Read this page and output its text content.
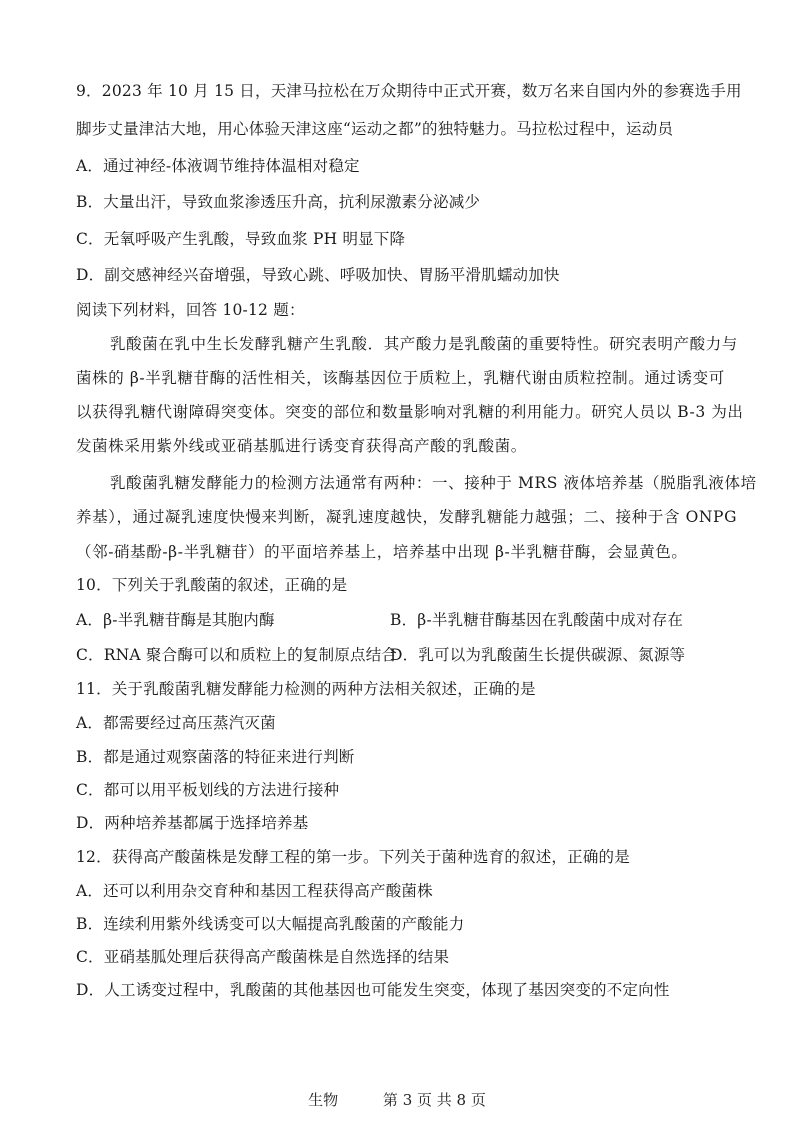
9．2023 年 10 月 15 日，天津马拉松在万众期待中正式开赛，数万名来自国内外的参赛选手用
脚步丈量津沽大地，用心体验天津这座“运动之都”的独特魅力。马拉松过程中，运动员
A．通过神经-体液调节维持体温相对稳定
B．大量出汗，导致血浆渗透压升高，抗利尿激素分泌减少
C．无氧呼吸产生乳酸，导致血浆 PH 明显下降
D．副交感神经兴奋增强，导致心跳、呼吸加快、胃肠平滑肌蠕动加快
阅读下列材料，回答 10-12 题：
乳酸菌在乳中生长发酵乳糖产生乳酸．其产酸力是乳酸菌的重要特性。研究表明产酸力与
菌株的 β-半乳糖苷酶的活性相关，该酶基因位于质粒上，乳糖代谢由质粒控制。通过诱变可
以获得乳糖代谢障碍突变体。突变的部位和数量影响对乳糖的利用能力。研究人员以 B-3 为出
发菌株采用紫外线或亚硝基胍进行诱变育获得高产酸的乳酸菌。
乳酸菌乳糖发酵能力的检测方法通常有两种：一、接种于 MRS 液体培养基（脱脂乳液体培
养基），通过凝乳速度快慢来判断，凝乳速度越快，发酵乳糖能力越强；二、接种于含 ONPG
（邻-硝基酚-β-半乳糖苷）的平面培养基上，培养基中出现 β-半乳糖苷酶，会显黄色。
10．下列关于乳酸菌的叙述，正确的是
A．β-半乳糖苷酶是其胞内酶	B．β-半乳糖苷酶基因在乳酸菌中成对存在
C．RNA 聚合酶可以和质粒上的复制原点结合
D．乳可以为乳酸菌生长提供碳源、氮源等
11．关于乳酸菌乳糖发酵能力检测的两种方法相关叙述，正确的是
A．都需要经过高压蒸汽灭菌
B．都是通过观察菌落的特征来进行判断
C．都可以用平板划线的方法进行接种
D．两种培养基都属于选择培养基
12．获得高产酸菌株是发酵工程的第一步。下列关于菌种选育的叙述，正确的是
A．还可以利用杂交育种和基因工程获得高产酸菌株
B．连续利用紫外线诱变可以大幅提高乳酸菌的产酸能力
C．亚硝基胍处理后获得高产酸菌株是自然选择的结果
D．人工诱变过程中，乳酸菌的其他基因也可能发生突变，体现了基因突变的不定向性
生物	第 3 页 共 8 页
